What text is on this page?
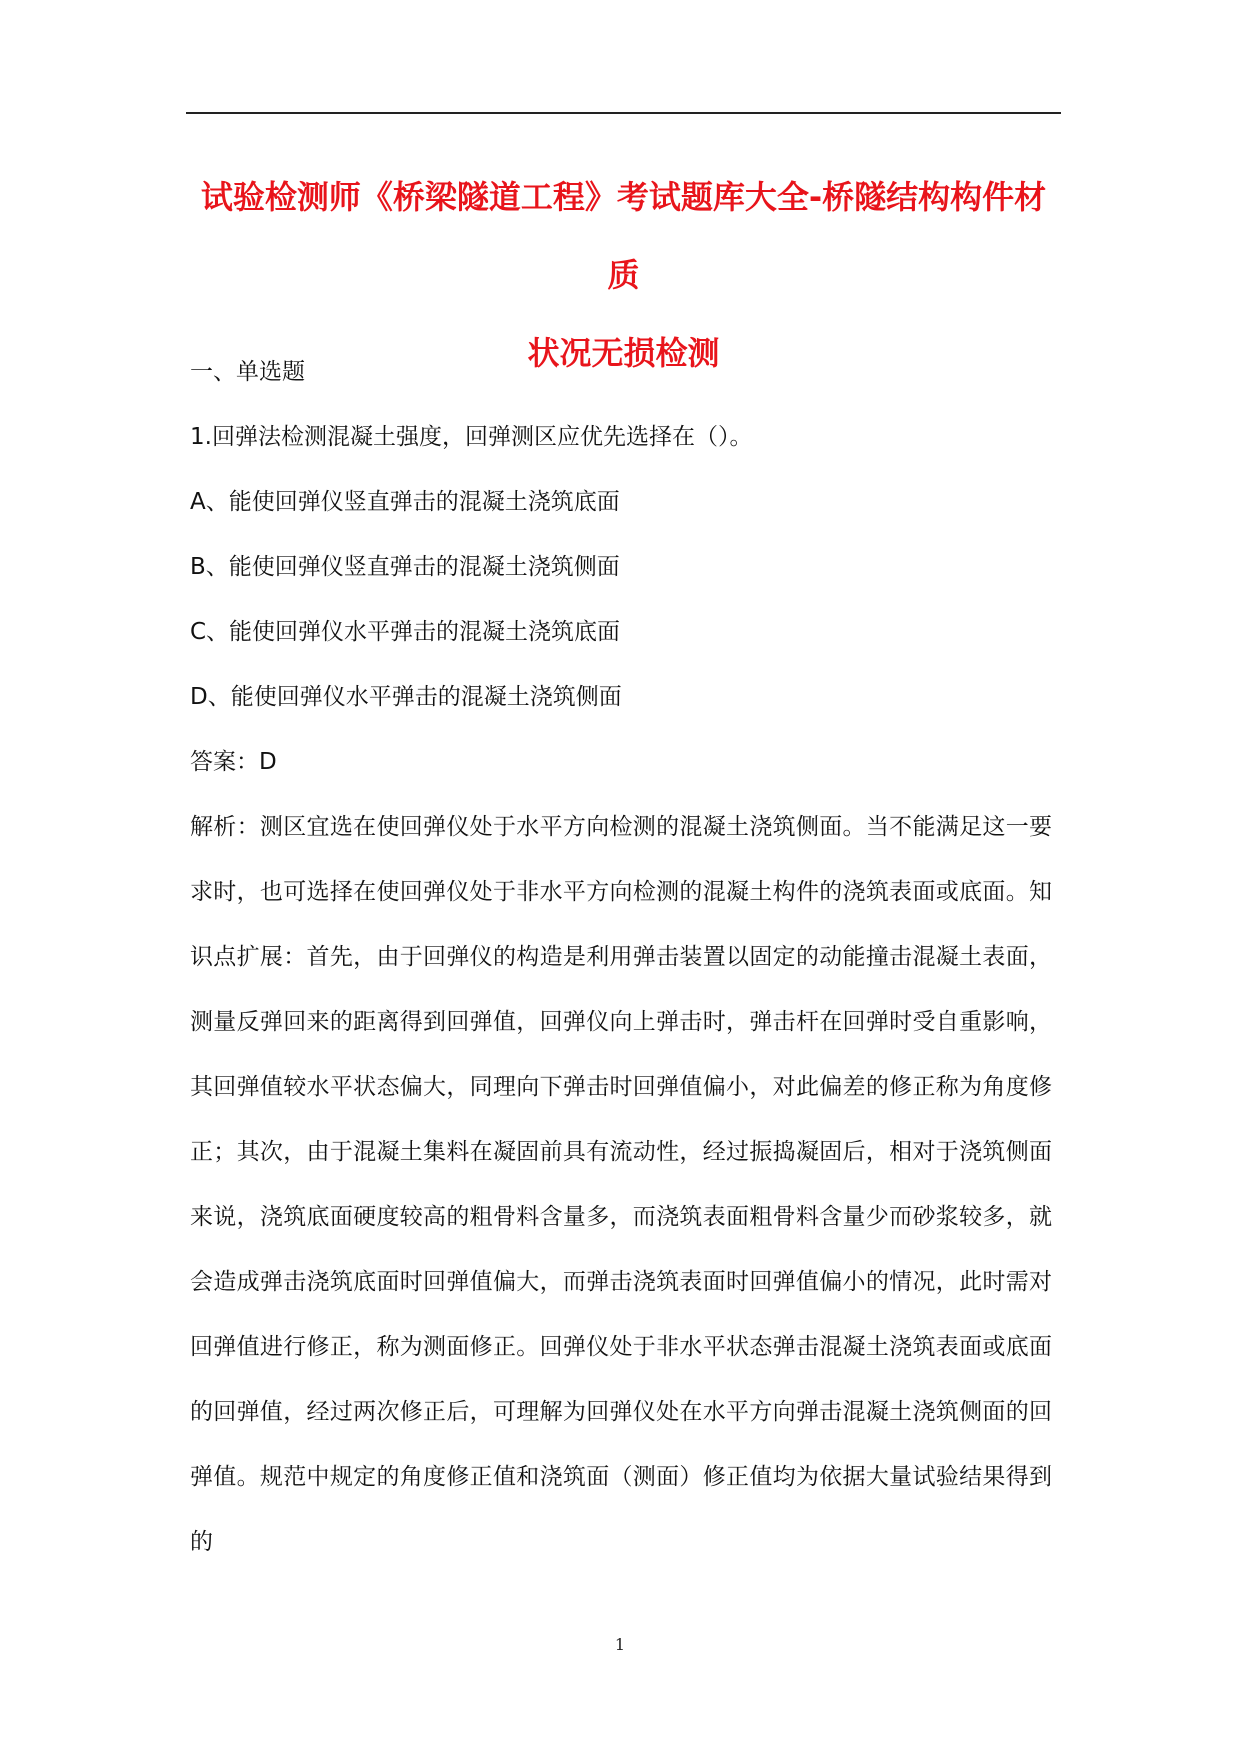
试验检测师《桥梁隧道工程》考试题库大全-桥隧结构构件材质
状况无损检测
一、单选题
1.回弹法检测混凝土强度，回弹测区应优先选择在（）。
A、能使回弹仪竖直弹击的混凝土浇筑底面
B、能使回弹仪竖直弹击的混凝土浇筑侧面
C、能使回弹仪水平弹击的混凝土浇筑底面
D、能使回弹仪水平弹击的混凝土浇筑侧面
答案：D
解析：测区宜选在使回弹仪处于水平方向检测的混凝土浇筑侧面。当不能满足这一要求时，也可选择在使回弹仪处于非水平方向检测的混凝土构件的浇筑表面或底面。知识点扩展：首先，由于回弹仪的构造是利用弹击装置以固定的动能撞击混凝土表面，测量反弹回来的距离得到回弹值，回弹仪向上弹击时，弹击杆在回弹时受自重影响，其回弹值较水平状态偏大，同理向下弹击时回弹值偏小，对此偏差的修正称为角度修正；其次，由于混凝土集料在凝固前具有流动性，经过振捣凝固后，相对于浇筑侧面来说，浇筑底面硬度较高的粗骨料含量多，而浇筑表面粗骨料含量少而砂浆较多，就会造成弹击浇筑底面时回弹值偏大，而弹击浇筑表面时回弹值偏小的情况，此时需对回弹值进行修正，称为测面修正。回弹仪处于非水平状态弹击混凝土浇筑表面或底面的回弹值，经过两次修正后，可理解为回弹仪处在水平方向弹击混凝土浇筑侧面的回弹值。规范中规定的角度修正值和浇筑面（测面）修正值均为依据大量试验结果得到的
1
